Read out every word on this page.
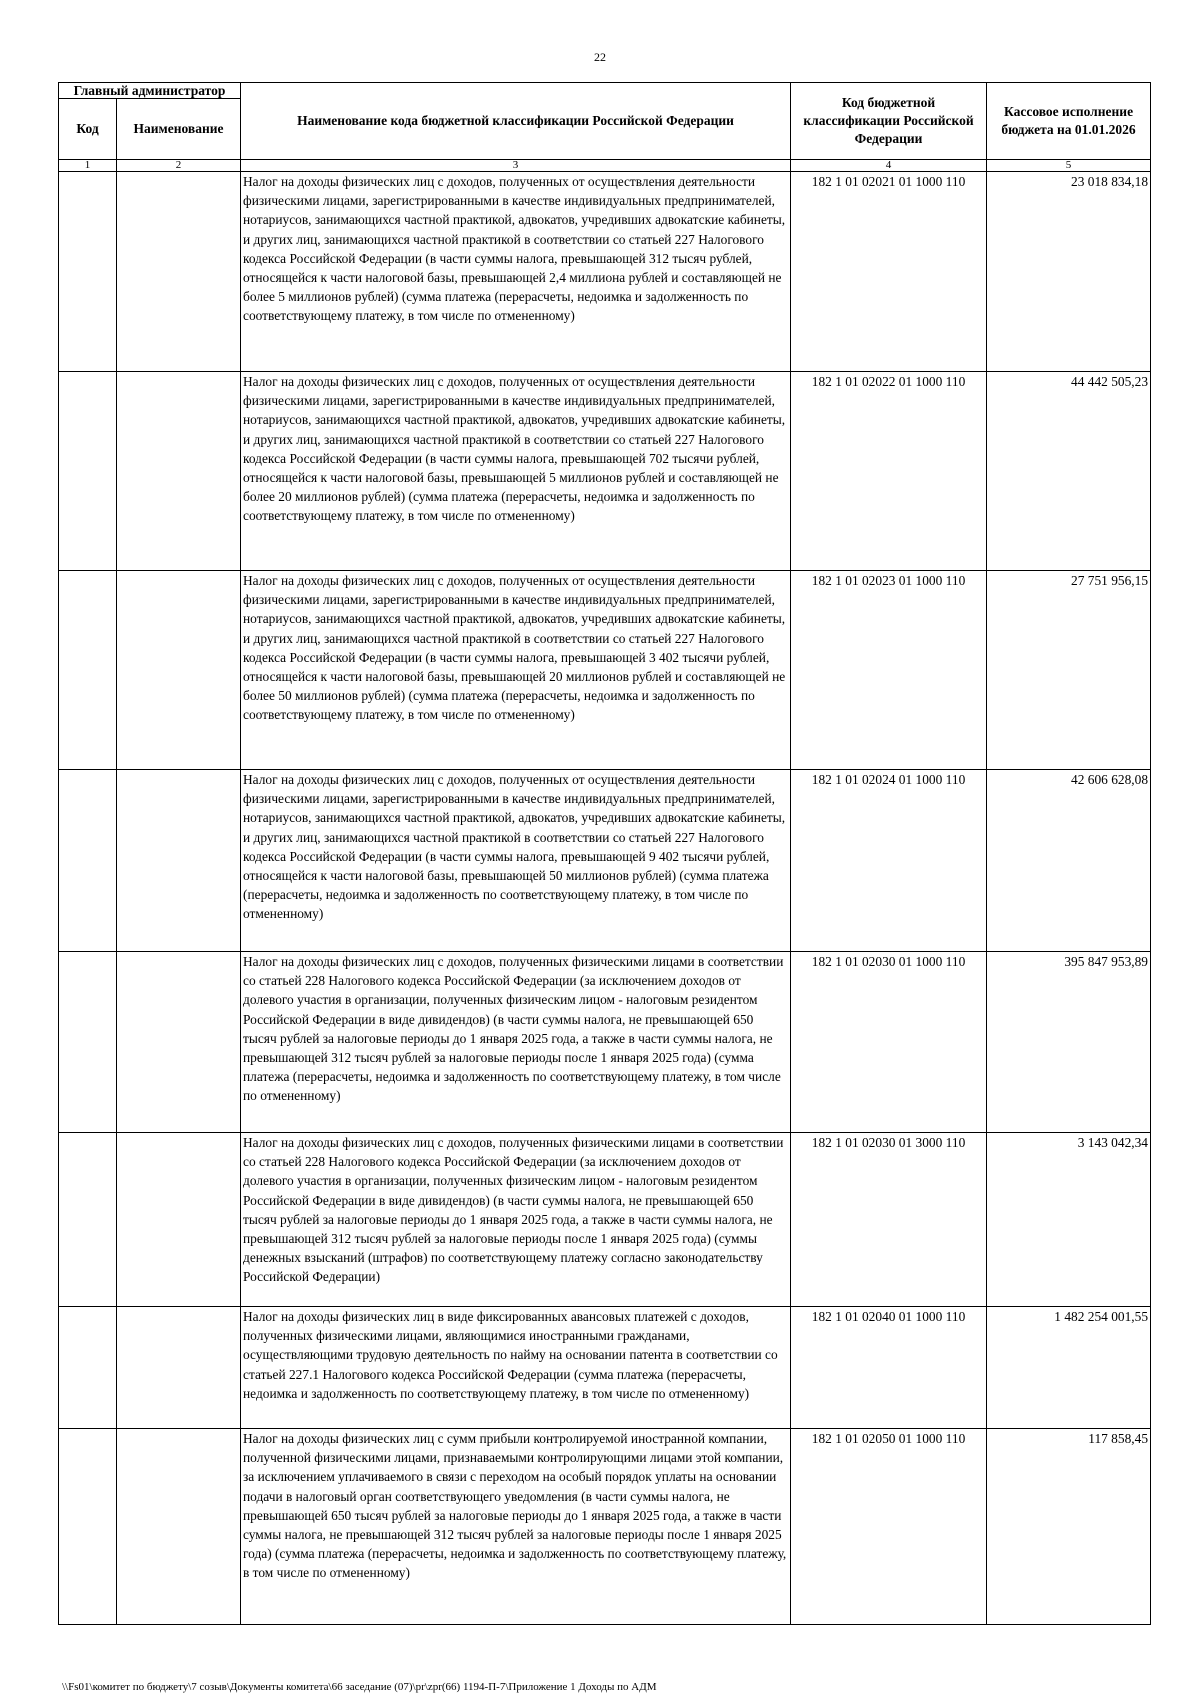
22
Главный администратор		Наименование кода бюджетной классификации Российской Федерации	Код бюджетной классификации Российской Федерации	Кассовое исполнение бюджета на 01.01.2026
Код	Наименование			
1	2	3	4	5
		Налог на доходы физических лиц с доходов, полученных от осуществления деятельности физическими лицами, зарегистрированными в качестве индивидуальных предпринимателей, нотариусов, занимающихся частной практикой, адвокатов, учредивших адвокатские кабинеты, и других лиц, занимающихся частной практикой в соответствии со статьей 227 Налогового кодекса Российской Федерации (в части суммы налога, превышающей 312 тысяч рублей, относящейся к части налоговой базы, превышающей 2,4 миллиона рублей и составляющей не более 5 миллионов рублей) (сумма платежа (перерасчеты, недоимка и задолженность по соответствующему платежу, в том числе по отмененному)	182 1 01 02021 01 1000 110	23 018 834,18
		Налог на доходы физических лиц с доходов, полученных от осуществления деятельности физическими лицами, зарегистрированными в качестве индивидуальных предпринимателей, нотариусов, занимающихся частной практикой, адвокатов, учредивших адвокатские кабинеты, и других лиц, занимающихся частной практикой в соответствии со статьей 227 Налогового кодекса Российской Федерации (в части суммы налога, превышающей 702 тысячи рублей, относящейся к части налоговой базы, превышающей 5 миллионов рублей и составляющей не более 20 миллионов рублей) (сумма платежа (перерасчеты, недоимка и задолженность по соответствующему платежу, в том числе по отмененному)	182 1 01 02022 01 1000 110	44 442 505,23
		Налог на доходы физических лиц с доходов, полученных от осуществления деятельности физическими лицами, зарегистрированными в качестве индивидуальных предпринимателей, нотариусов, занимающихся частной практикой, адвокатов, учредивших адвокатские кабинеты, и других лиц, занимающихся частной практикой в соответствии со статьей 227 Налогового кодекса Российской Федерации (в части суммы налога, превышающей 3 402 тысячи рублей, относящейся к части налоговой базы, превышающей 20 миллионов рублей и составляющей не более 50 миллионов рублей) (сумма платежа (перерасчеты, недоимка и задолженность по соответствующему платежу, в том числе по отмененному)	182 1 01 02023 01 1000 110	27 751 956,15
		Налог на доходы физических лиц с доходов, полученных от осуществления деятельности физическими лицами, зарегистрированными в качестве индивидуальных предпринимателей, нотариусов, занимающихся частной практикой, адвокатов, учредивших адвокатские кабинеты, и других лиц, занимающихся частной практикой в соответствии со статьей 227 Налогового кодекса Российской Федерации (в части суммы налога, превышающей 9 402 тысячи рублей, относящейся к части налоговой базы, превышающей 50 миллионов рублей) (сумма платежа (перерасчеты, недоимка и задолженность по соответствующему платежу, в том числе по отмененному)	182 1 01 02024 01 1000 110	42 606 628,08
		Налог на доходы физических лиц с доходов, полученных физическими лицами в соответствии со статьей 228 Налогового кодекса Российской Федерации (за исключением доходов от долевого участия в организации, полученных физическим лицом - налоговым резидентом Российской Федерации в виде дивидендов) (в части суммы налога, не превышающей 650 тысяч рублей за налоговые периоды до 1 января 2025 года, а также в части суммы налога, не превышающей 312 тысяч рублей за налоговые периоды после 1 января 2025 года) (сумма платежа (перерасчеты, недоимка и задолженность по соответствующему платежу, в том числе по отмененному)	182 1 01 02030 01 1000 110	395 847 953,89
		Налог на доходы физических лиц с доходов, полученных физическими лицами в соответствии со статьей 228 Налогового кодекса Российской Федерации (за исключением доходов от долевого участия в организации, полученных физическим лицом - налоговым резидентом Российской Федерации в виде дивидендов) (в части суммы налога, не превышающей 650 тысяч рублей за налоговые периоды до 1 января 2025 года, а также в части суммы налога, не превышающей 312 тысяч рублей за налоговые периоды после 1 января 2025 года) (суммы денежных взысканий (штрафов) по соответствующему платежу согласно законодательству Российской Федерации)	182 1 01 02030 01 3000 110	3 143 042,34
		Налог на доходы физических лиц в виде фиксированных авансовых платежей с доходов, полученных физическими лицами, являющимися иностранными гражданами, осуществляющими трудовую деятельность по найму на основании патента в соответствии со статьей 227.1 Налогового кодекса Российской Федерации (сумма платежа (перерасчеты, недоимка и задолженность по соответствующему платежу, в том числе по отмененному)	182 1 01 02040 01 1000 110	1 482 254 001,55
		Налог на доходы физических лиц с сумм прибыли контролируемой иностранной компании, полученной физическими лицами, признаваемыми контролирующими лицами этой компании, за исключением уплачиваемого в связи с переходом на особый порядок уплаты на основании подачи в налоговый орган соответствующего уведомления (в части суммы налога, не превышающей 650 тысяч рублей за налоговые периоды до 1 января 2025 года, а также в части суммы налога, не превышающей 312 тысяч рублей за налоговые периоды после 1 января 2025 года) (сумма платежа (перерасчеты, недоимка и задолженность по соответствующему платежу, в том числе по отмененному)	182 1 01 02050 01 1000 110	117 858,45
\\Fs01\комитет по бюджету\7 созыв\Документы комитета\66 заседание (07)\pr\zpr(66) 1194-П-7\Приложение 1 Доходы по АДМ
